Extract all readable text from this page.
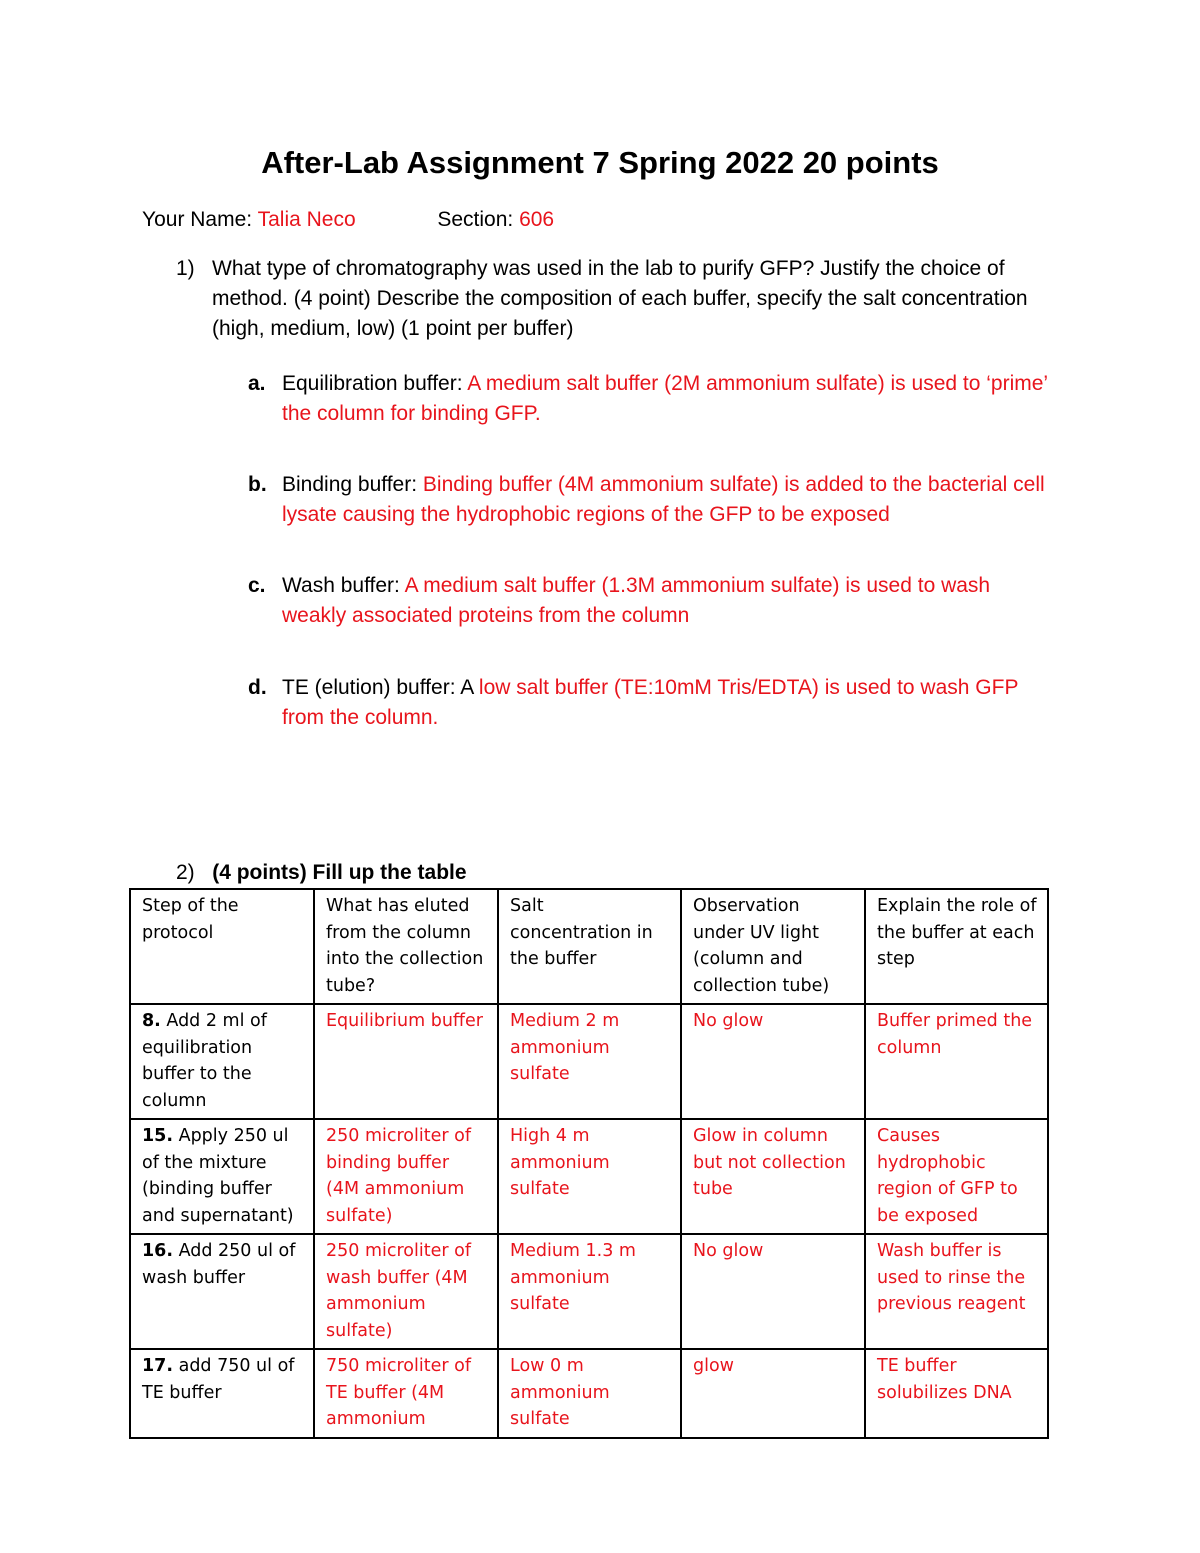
After-Lab Assignment 7 Spring 2022 20 points
Your Name: Talia Neco	Section: 606
1) What type of chromatography was used in the lab to purify GFP? Justify the choice of method. (4 point) Describe the composition of each buffer, specify the salt concentration (high, medium, low) (1 point per buffer)
a. Equilibration buffer: A medium salt buffer (2M ammonium sulfate) is used to ‘prime’ the column for binding GFP.
b. Binding buffer: Binding buffer (4M ammonium sulfate) is added to the bacterial cell lysate causing the hydrophobic regions of the GFP to be exposed
c. Wash buffer: A medium salt buffer (1.3M ammonium sulfate) is used to wash weakly associated proteins from the column
d. TE (elution) buffer: A low salt buffer (TE:10mM Tris/EDTA) is used to wash GFP from the column.
2) (4 points) Fill up the table
Step of the protocol	What has eluted from the column into the collection tube?	Salt concentration in the buffer	Observation under UV light (column and collection tube)	Explain the role of the buffer at each step
8. Add 2 ml of equilibration buffer to the column	Equilibrium buffer	Medium 2 m ammonium sulfate	No glow	Buffer primed the column
15. Apply 250 ul of the mixture (binding buffer and supernatant)	250 microliter of binding buffer (4M ammonium sulfate)	High 4 m ammonium sulfate	Glow in column but not collection tube	Causes hydrophobic region of GFP to be exposed
16. Add 250 ul of wash buffer	250 microliter of wash buffer (4M ammonium sulfate)	Medium 1.3 m ammonium sulfate	No glow	Wash buffer is used to rinse the previous reagent
17. add 750 ul of TE buffer	750 microliter of TE buffer (4M ammonium	Low 0 m ammonium sulfate	glow	TE buffer solubilizes DNA
